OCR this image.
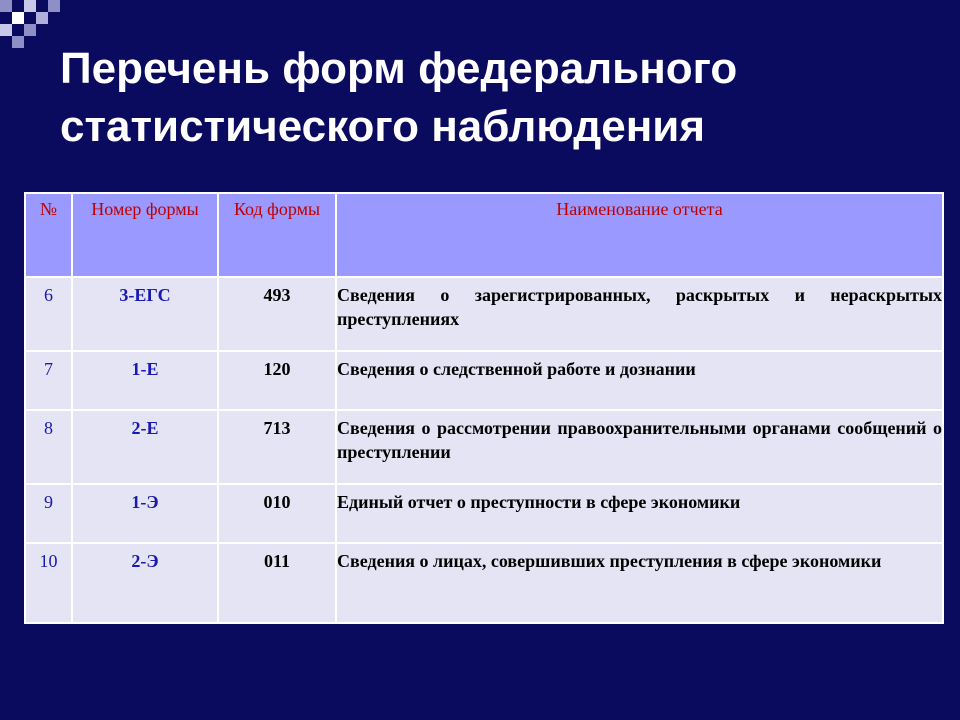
Перечень форм федерального статистического наблюдения
№	Номер формы	Код формы	Наименование отчета
6	3-ЕГС	493	Сведения о зарегистрированных, раскрытых и нераскрытых преступлениях
7	1-Е	120	Сведения о следственной работе и дознании
8	2-Е	713	Сведения о рассмотрении правоохранительными органами сообщений о преступлении
9	1-Э	010	Единый отчет о преступности в сфере экономики
10	2-Э	011	Сведения о лицах, совершивших преступления в сфере экономики
